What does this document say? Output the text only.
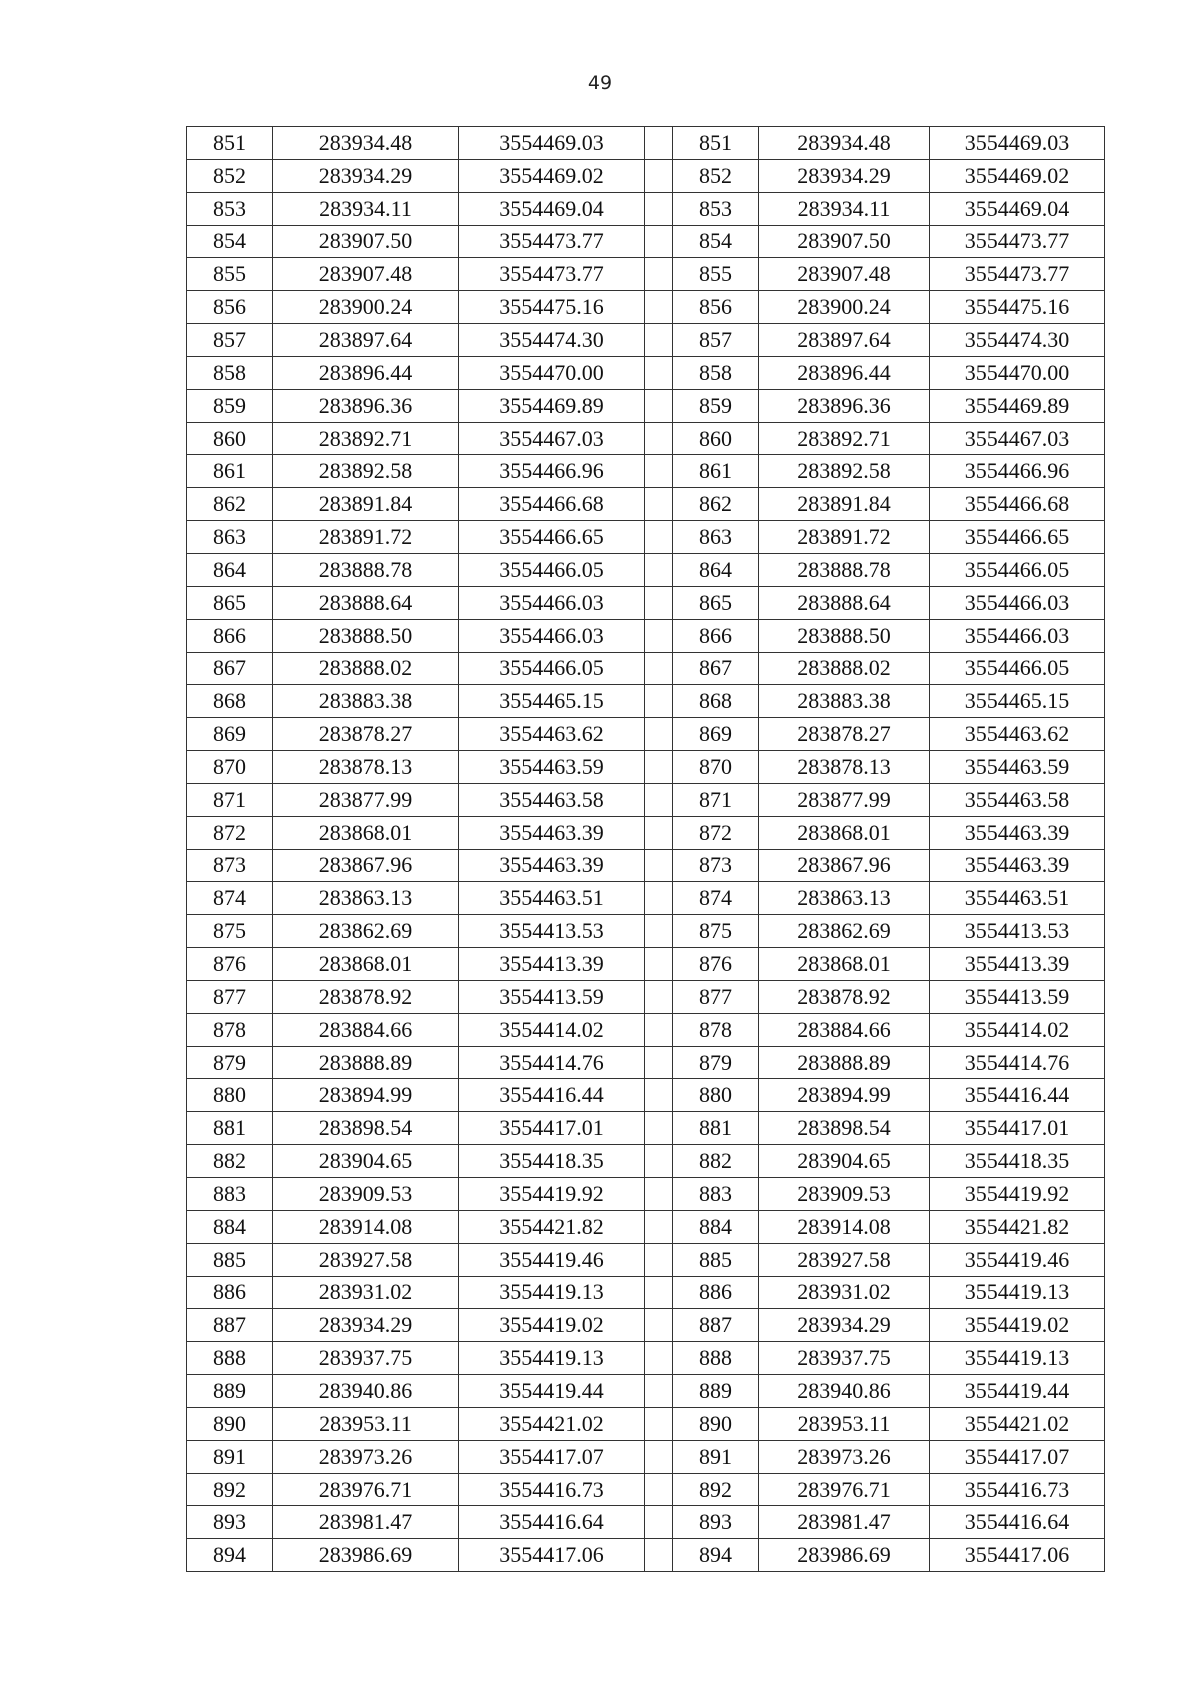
49
851	283934.48	3554469.03		851	283934.48	3554469.03
852	283934.29	3554469.02		852	283934.29	3554469.02
853	283934.11	3554469.04		853	283934.11	3554469.04
854	283907.50	3554473.77		854	283907.50	3554473.77
855	283907.48	3554473.77		855	283907.48	3554473.77
856	283900.24	3554475.16		856	283900.24	3554475.16
857	283897.64	3554474.30		857	283897.64	3554474.30
858	283896.44	3554470.00		858	283896.44	3554470.00
859	283896.36	3554469.89		859	283896.36	3554469.89
860	283892.71	3554467.03		860	283892.71	3554467.03
861	283892.58	3554466.96		861	283892.58	3554466.96
862	283891.84	3554466.68		862	283891.84	3554466.68
863	283891.72	3554466.65		863	283891.72	3554466.65
864	283888.78	3554466.05		864	283888.78	3554466.05
865	283888.64	3554466.03		865	283888.64	3554466.03
866	283888.50	3554466.03		866	283888.50	3554466.03
867	283888.02	3554466.05		867	283888.02	3554466.05
868	283883.38	3554465.15		868	283883.38	3554465.15
869	283878.27	3554463.62		869	283878.27	3554463.62
870	283878.13	3554463.59		870	283878.13	3554463.59
871	283877.99	3554463.58		871	283877.99	3554463.58
872	283868.01	3554463.39		872	283868.01	3554463.39
873	283867.96	3554463.39		873	283867.96	3554463.39
874	283863.13	3554463.51		874	283863.13	3554463.51
875	283862.69	3554413.53		875	283862.69	3554413.53
876	283868.01	3554413.39		876	283868.01	3554413.39
877	283878.92	3554413.59		877	283878.92	3554413.59
878	283884.66	3554414.02		878	283884.66	3554414.02
879	283888.89	3554414.76		879	283888.89	3554414.76
880	283894.99	3554416.44		880	283894.99	3554416.44
881	283898.54	3554417.01		881	283898.54	3554417.01
882	283904.65	3554418.35		882	283904.65	3554418.35
883	283909.53	3554419.92		883	283909.53	3554419.92
884	283914.08	3554421.82		884	283914.08	3554421.82
885	283927.58	3554419.46		885	283927.58	3554419.46
886	283931.02	3554419.13		886	283931.02	3554419.13
887	283934.29	3554419.02		887	283934.29	3554419.02
888	283937.75	3554419.13		888	283937.75	3554419.13
889	283940.86	3554419.44		889	283940.86	3554419.44
890	283953.11	3554421.02		890	283953.11	3554421.02
891	283973.26	3554417.07		891	283973.26	3554417.07
892	283976.71	3554416.73		892	283976.71	3554416.73
893	283981.47	3554416.64		893	283981.47	3554416.64
894	283986.69	3554417.06		894	283986.69	3554417.06
